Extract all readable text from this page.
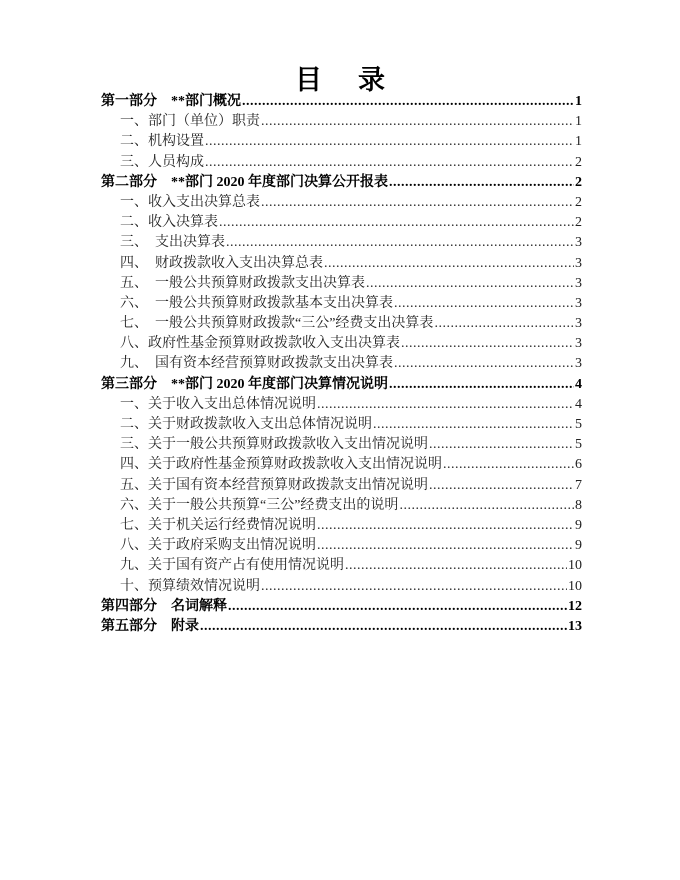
目 录
第一部分　**部门概况 .....	1
一、部门（单位）职责 .....	1
二、机构设置 .....	1
三、人员构成 .....	2
第二部分　**部门 2020 年度部门决算公开报表 .....	2
一、收入支出决算总表 .....	2
二、收入决算表 .....	2
三、　支出决算表 .....	3
四、　财政拨款收入支出决算总表 .....	3
五、　一般公共预算财政拨款支出决算表 .....	3
六、　一般公共预算财政拨款基本支出决算表 .....	3
七、　一般公共预算财政拨款“三公”经费支出决算表 .....	3
八、政府性基金预算财政拨款收入支出决算表 .....	3
九、　国有资本经营预算财政拨款支出决算表 .....	3
第三部分　**部门 2020 年度部门决算情况说明 .....	4
一、关于收入支出总体情况说明 .....	4
二、关于财政拨款收入支出总体情况说明 .....	5
三、关于一般公共预算财政拨款收入支出情况说明 .....	5
四、关于政府性基金预算财政拨款收入支出情况说明 .....	6
五、关于国有资本经营预算财政拨款支出情况说明 .....	7
六、关于一般公共预算“三公”经费支出的说明 .....	8
七、关于机关运行经费情况说明 .....	9
八、关于政府采购支出情况说明 .....	9
九、关于国有资产占有使用情况说明 .....	10
十、预算绩效情况说明 .....	10
第四部分　名词解释 .....	12
第五部分　附录 .....	13
